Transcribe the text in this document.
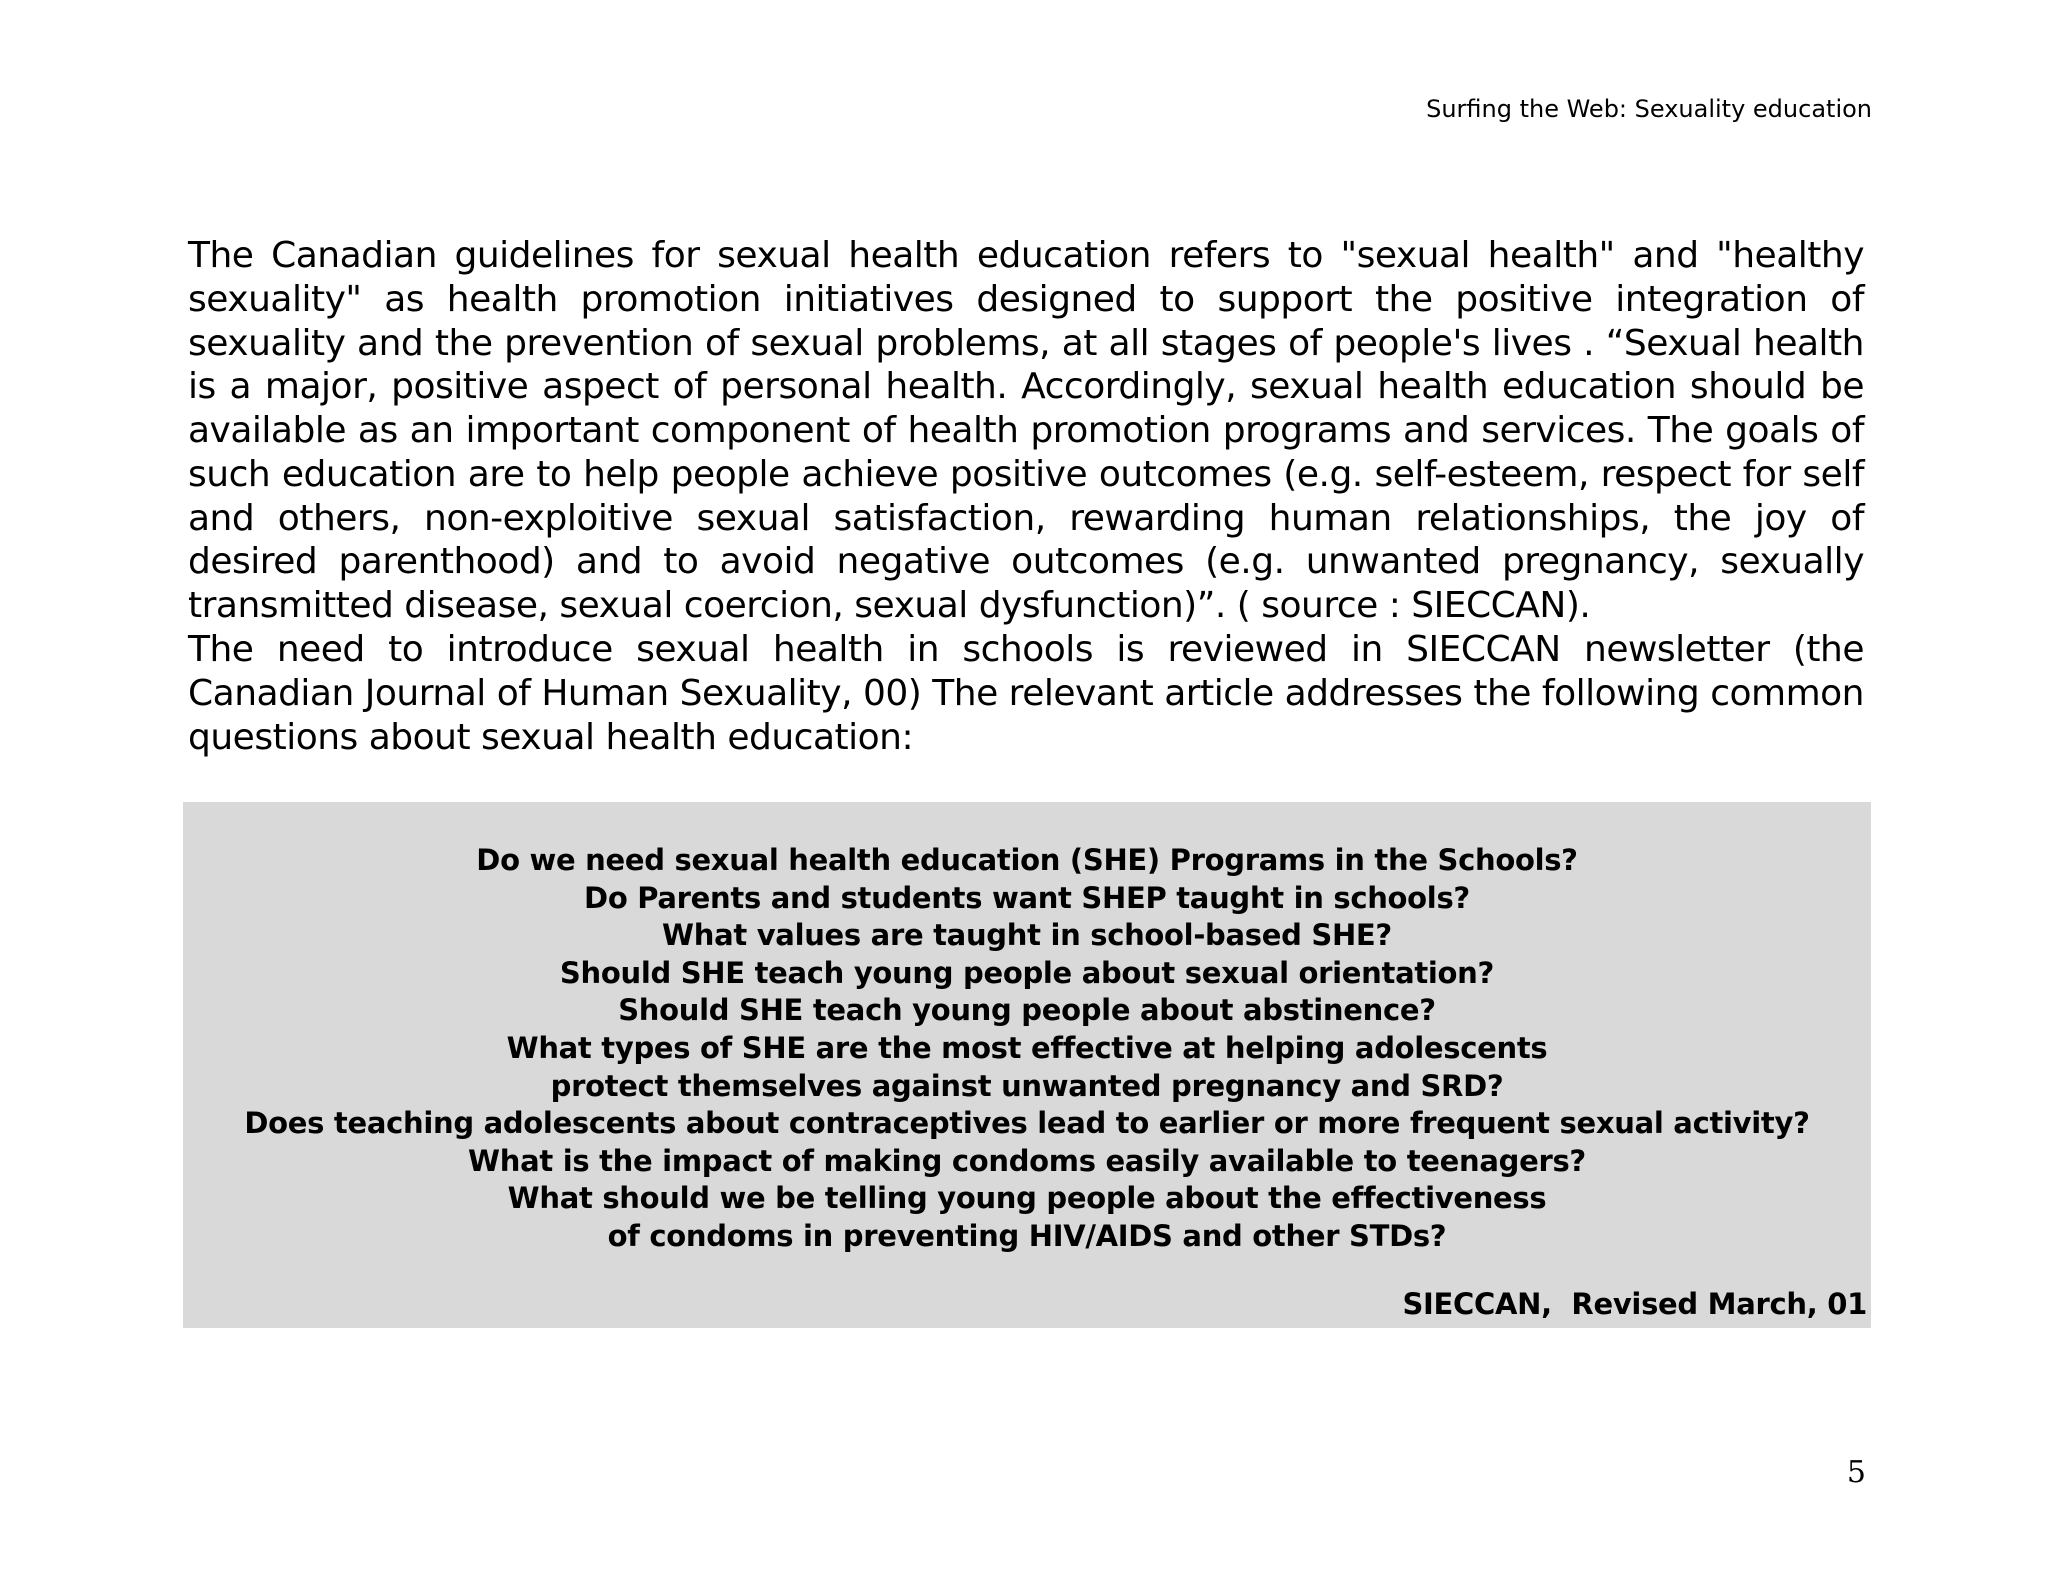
Surfing the Web: Sexuality education

The Canadian guidelines for sexual health education refers to "sexual health" and "healthy sexuality" as health promotion initiatives designed to support the positive integration of sexuality and the prevention of sexual problems, at all stages of people's lives . “Sexual health is a major, positive aspect of personal health. Accordingly, sexual health education should be available as an important component of health promotion programs and services. The goals of such education are to help people achieve positive outcomes (e.g. self-esteem, respect for self and others, non-exploitive sexual satisfaction, rewarding human relationships, the joy of desired parenthood) and to avoid negative outcomes (e.g. unwanted pregnancy, sexually transmitted disease, sexual coercion, sexual dysfunction)”. ( source : SIECCAN).

The need to introduce sexual health in schools is reviewed in SIECCAN newsletter (the Canadian Journal of Human Sexuality, 00) The relevant article addresses the following common questions about sexual health education:

Do we need sexual health education (SHE) Programs in the Schools?
Do Parents and students want SHEP taught in schools?
What values are taught in school-based SHE?
Should SHE teach young people about sexual orientation?
Should SHE teach young people about abstinence?
What types of SHE are the most effective at helping adolescents
protect themselves against unwanted pregnancy and SRD?
Does teaching adolescents about contraceptives lead to earlier or more frequent sexual activity?
What is the impact of making condoms easily available to teenagers?
What should we be telling young people about the effectiveness
of condoms in preventing HIV/AIDS and other STDs?
SIECCAN,  Revised March, 01
5
